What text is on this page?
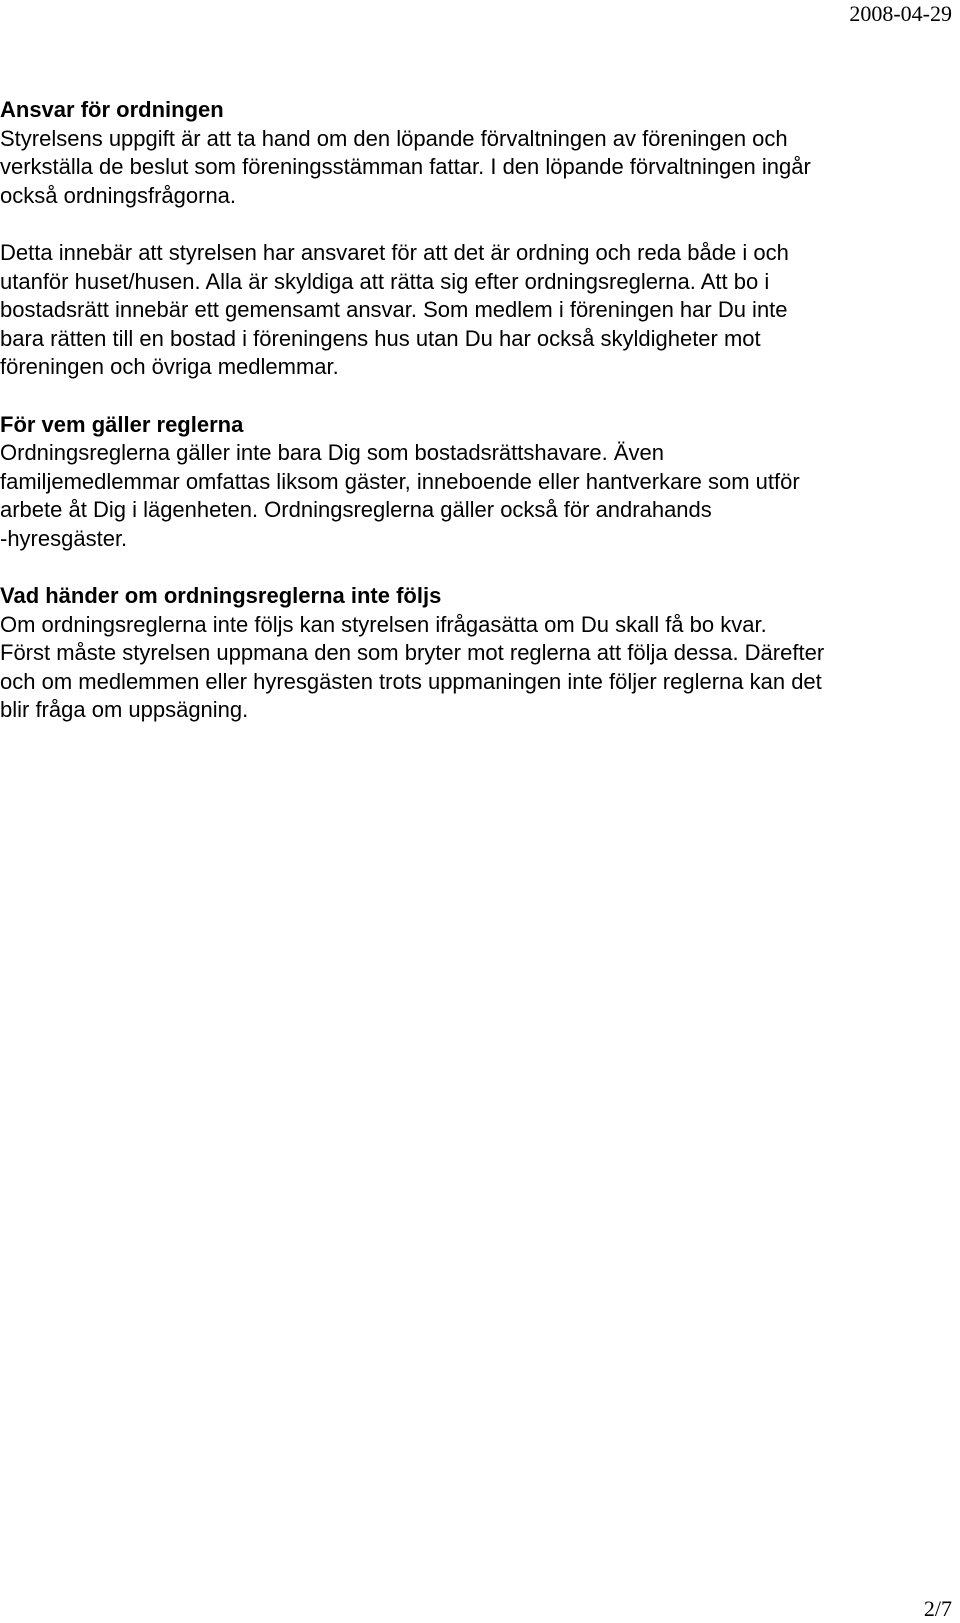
2008-04-29
Ansvar för ordningen

Styrelsens uppgift är att ta hand om den löpande förvaltningen av föreningen och
verkställa de beslut som föreningsstämman fattar. I den löpande förvaltningen ingår
också ordningsfrågorna.

Detta innebär att styrelsen har ansvaret för att det är ordning och reda både i och
utanför huset/husen. Alla är skyldiga att rätta sig efter ordningsreglerna. Att bo i
bostadsrätt innebär ett gemensamt ansvar. Som medlem i föreningen har Du inte
bara rätten till en bostad i föreningens hus utan Du har också skyldigheter mot
föreningen och övriga medlemmar.

För vem gäller reglerna

Ordningsreglerna gäller inte bara Dig som bostadsrättshavare. Även
familjemedlemmar omfattas liksom gäster, inneboende eller hantverkare som utför
arbete åt Dig i lägenheten. Ordningsreglerna gäller också för andrahands
-hyresgäster.

Vad händer om ordningsreglerna inte följs

Om ordningsreglerna inte följs kan styrelsen ifrågasätta om Du skall få bo kvar.
Först måste styrelsen uppmana den som bryter mot reglerna att följa dessa. Därefter
och om medlemmen eller hyresgästen trots uppmaningen inte följer reglerna kan det
blir fråga om uppsägning.

2/7
